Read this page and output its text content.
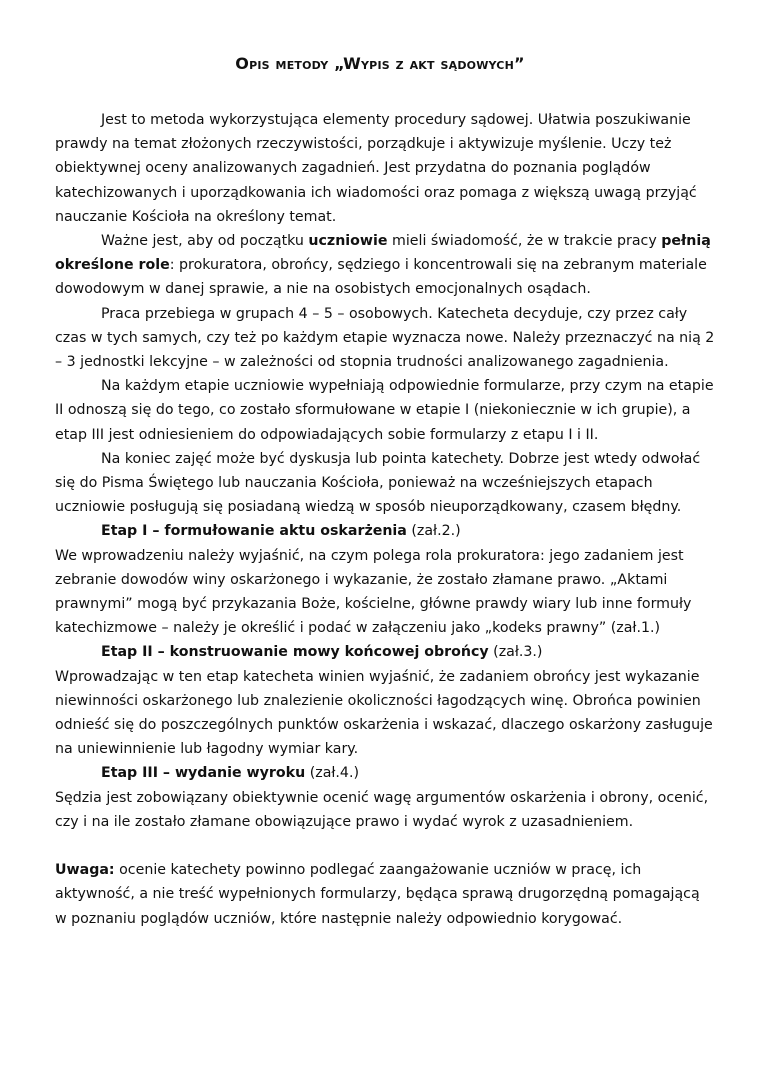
Opis metody „Wypis z akt sądowych”

Jest to metoda wykorzystująca elementy procedury sądowej. Ułatwia poszukiwanie prawdy na temat złożonych rzeczywistości, porządkuje i aktywizuje myślenie. Uczy też obiektywnej oceny analizowanych zagadnień. Jest przydatna do poznania poglądów katechizowanych i uporządkowania ich wiadomości oraz pomaga z większą uwagą przyjąć nauczanie Kościoła na określony temat.

Ważne jest, aby od początku uczniowie mieli świadomość, że w trakcie pracy pełnią określone role: prokuratora, obrońcy, sędziego i koncentrowali się na zebranym materiale dowodowym w danej sprawie, a nie na osobistych emocjonalnych osądach.

Praca przebiega w grupach 4 – 5 – osobowych. Katecheta decyduje, czy przez cały czas w tych samych, czy też po każdym etapie wyznacza nowe. Należy przeznaczyć na nią 2 – 3 jednostki lekcyjne – w zależności od stopnia trudności analizowanego zagadnienia.

Na każdym etapie uczniowie wypełniają odpowiednie formularze, przy czym na etapie II odnoszą się do tego, co zostało sformułowane w etapie I (niekoniecznie w ich grupie), a etap III jest odniesieniem do odpowiadających sobie formularzy z etapu I i II.

Na koniec zajęć może być dyskusja lub pointa katechety. Dobrze jest wtedy odwołać się do Pisma Świętego lub nauczania Kościoła, ponieważ na wcześniejszych etapach uczniowie posługują się posiadaną wiedzą w sposób nieuporządkowany, czasem błędny.

Etap I – formułowanie aktu oskarżenia (zał.2.)

We wprowadzeniu należy wyjaśnić, na czym polega rola prokuratora: jego zadaniem jest zebranie dowodów winy oskarżonego i wykazanie, że zostało złamane prawo. „Aktami prawnymi” mogą być przykazania Boże, kościelne, główne prawdy wiary lub inne formuły katechizmowe – należy je określić i podać w załączeniu jako „kodeks prawny” (zał.1.)

Etap II – konstruowanie mowy końcowej obrońcy (zał.3.)

Wprowadzając w ten etap katecheta winien wyjaśnić, że zadaniem obrońcy jest wykazanie niewinności oskarżonego lub znalezienie okoliczności łagodzących winę. Obrońca powinien odnieść się do poszczególnych punktów oskarżenia i wskazać, dlaczego oskarżony zasługuje na uniewinnienie lub łagodny wymiar kary.

Etap III – wydanie wyroku (zał.4.)

Sędzia jest zobowiązany obiektywnie ocenić wagę argumentów oskarżenia i obrony, ocenić, czy i na ile zostało złamane obowiązujące prawo i wydać wyrok z uzasadnieniem.

Uwaga: ocenie katechety powinno podlegać zaangażowanie uczniów w pracę, ich aktywność, a nie treść wypełnionych formularzy, będąca sprawą drugorzędną pomagającą w poznaniu poglądów uczniów, które następnie należy odpowiednio korygować.
